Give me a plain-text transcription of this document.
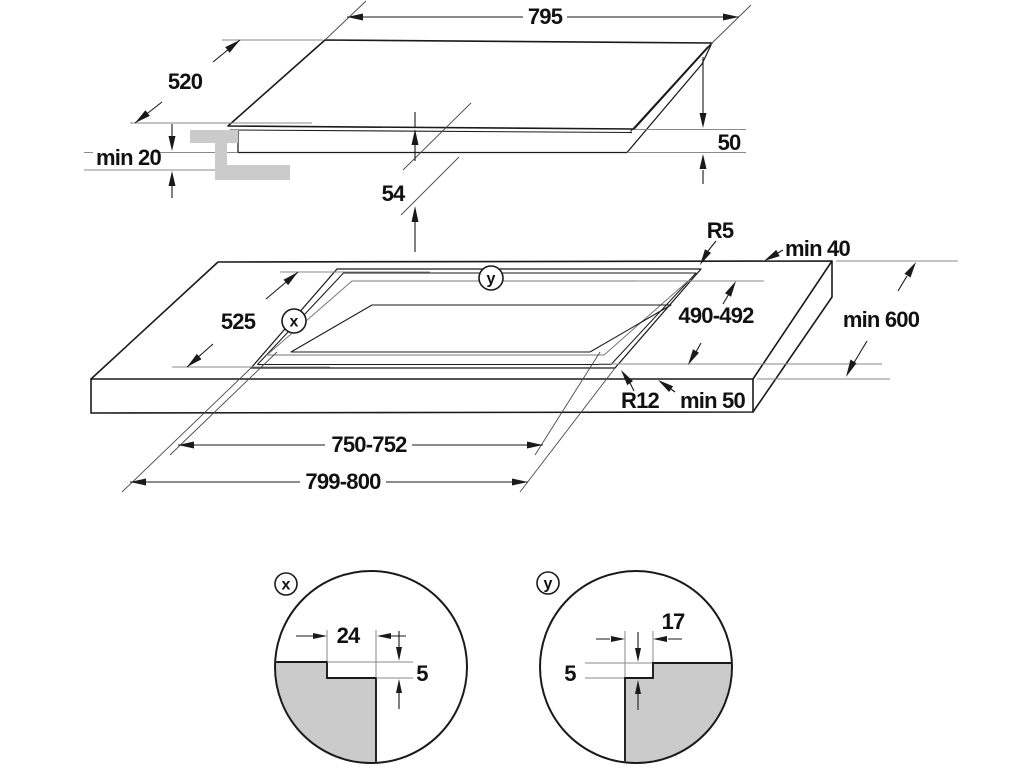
795
520
min 20
54
50
525 x
y
R5
min 40
490-492	min 600
R12 min 50
750-752
799-800
x
24
5
y
17
5
